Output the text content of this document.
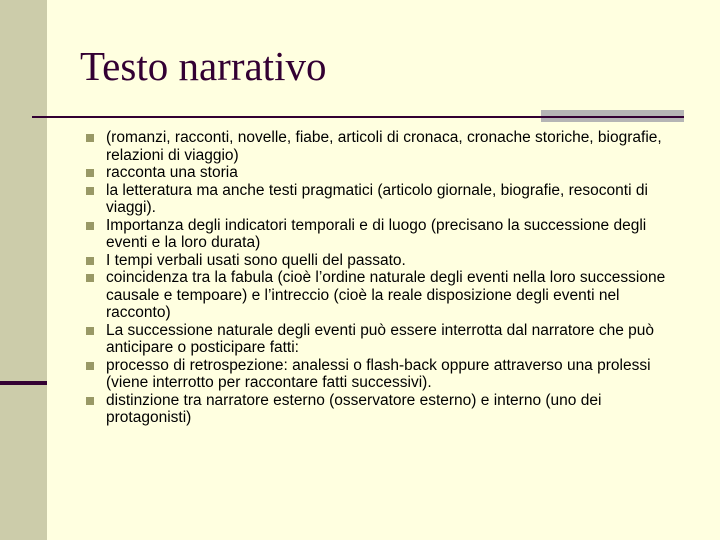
Testo narrativo
(romanzi, racconti, novelle, fiabe, articoli di cronaca, cronache storiche, biografie, relazioni di viaggio)
racconta una storia
la letteratura ma anche testi pragmatici (articolo giornale, biografie, resoconti di viaggi).
Importanza degli indicatori temporali e di luogo (precisano la successione degli eventi e la loro durata)
I tempi verbali usati sono quelli del passato.
coincidenza tra la fabula (cioè l’ordine naturale degli eventi nella loro successione causale e tempoare) e l’intreccio (cioè la reale disposizione degli eventi nel racconto)
La successione naturale degli eventi può essere interrotta dal narratore che può anticipare o posticipare fatti:
processo di retrospezione: analessi o flash-back oppure attraverso una prolessi (viene interrotto per raccontare fatti successivi).
distinzione tra narratore esterno (osservatore esterno) e interno (uno dei protagonisti)
